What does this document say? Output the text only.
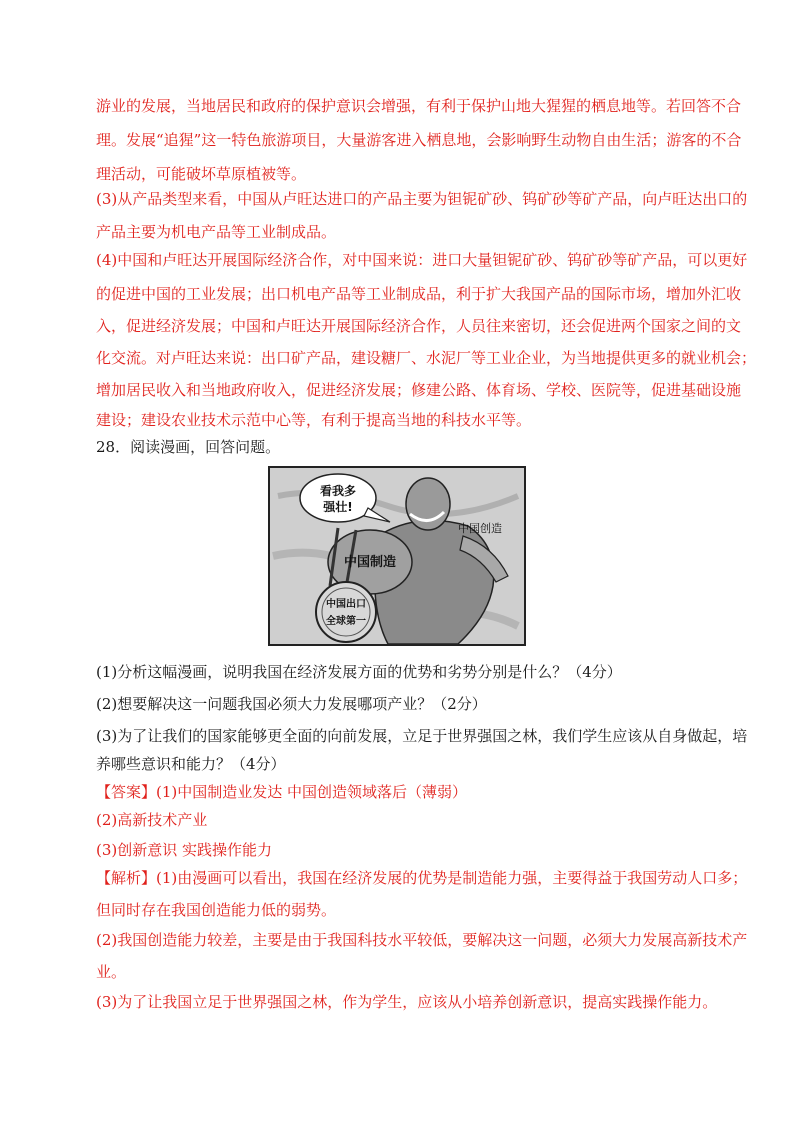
游业的发展，当地居民和政府的保护意识会增强，有利于保护山地大猩猩的栖息地等。若回答不合
理。发展“追猩”这一特色旅游项目，大量游客进入栖息地，会影响野生动物自由生活；游客的不合
理活动，可能破坏草原植被等。
(3)从产品类型来看，中国从卢旺达进口的产品主要为钽铌矿砂、钨矿砂等矿产品，向卢旺达出口的
产品主要为机电产品等工业制成品。
(4)中国和卢旺达开展国际经济合作，对中国来说：进口大量钽铌矿砂、钨矿砂等矿产品，可以更好
的促进中国的工业发展；出口机电产品等工业制成品，利于扩大我国产品的国际市场，增加外汇收
入，促进经济发展；中国和卢旺达开展国际经济合作，人员往来密切，还会促进两个国家之间的文
化交流。对卢旺达来说：出口矿产品，建设糖厂、水泥厂等工业企业，为当地提供更多的就业机会；
增加居民收入和当地政府收入，促进经济发展；修建公路、体育场、学校、医院等，促进基础设施
建设；建设农业技术示范中心等，有利于提高当地的科技水平等。
28．阅读漫画，回答问题。
看我多
强壮!
中国创造
中国制造
中国出口
全球第一
(1)分析这幅漫画，说明我国在经济发展方面的优势和劣势分别是什么？（4分）
(2)想要解决这一问题我国必须大力发展哪项产业？（2分）
(3)为了让我们的国家能够更全面的向前发展，立足于世界强国之林，我们学生应该从自身做起，培
养哪些意识和能力？（4分）
【答案】(1)中国制造业发达 中国创造领域落后（薄弱）
(2)高新技术产业
(3)创新意识 实践操作能力
【解析】(1)由漫画可以看出，我国在经济发展的优势是制造能力强，主要得益于我国劳动人口多；
但同时存在我国创造能力低的弱势。
(2)我国创造能力较差，主要是由于我国科技水平较低，要解决这一问题，必须大力发展高新技术产
业。
(3)为了让我国立足于世界强国之林，作为学生，应该从小培养创新意识，提高实践操作能力。
